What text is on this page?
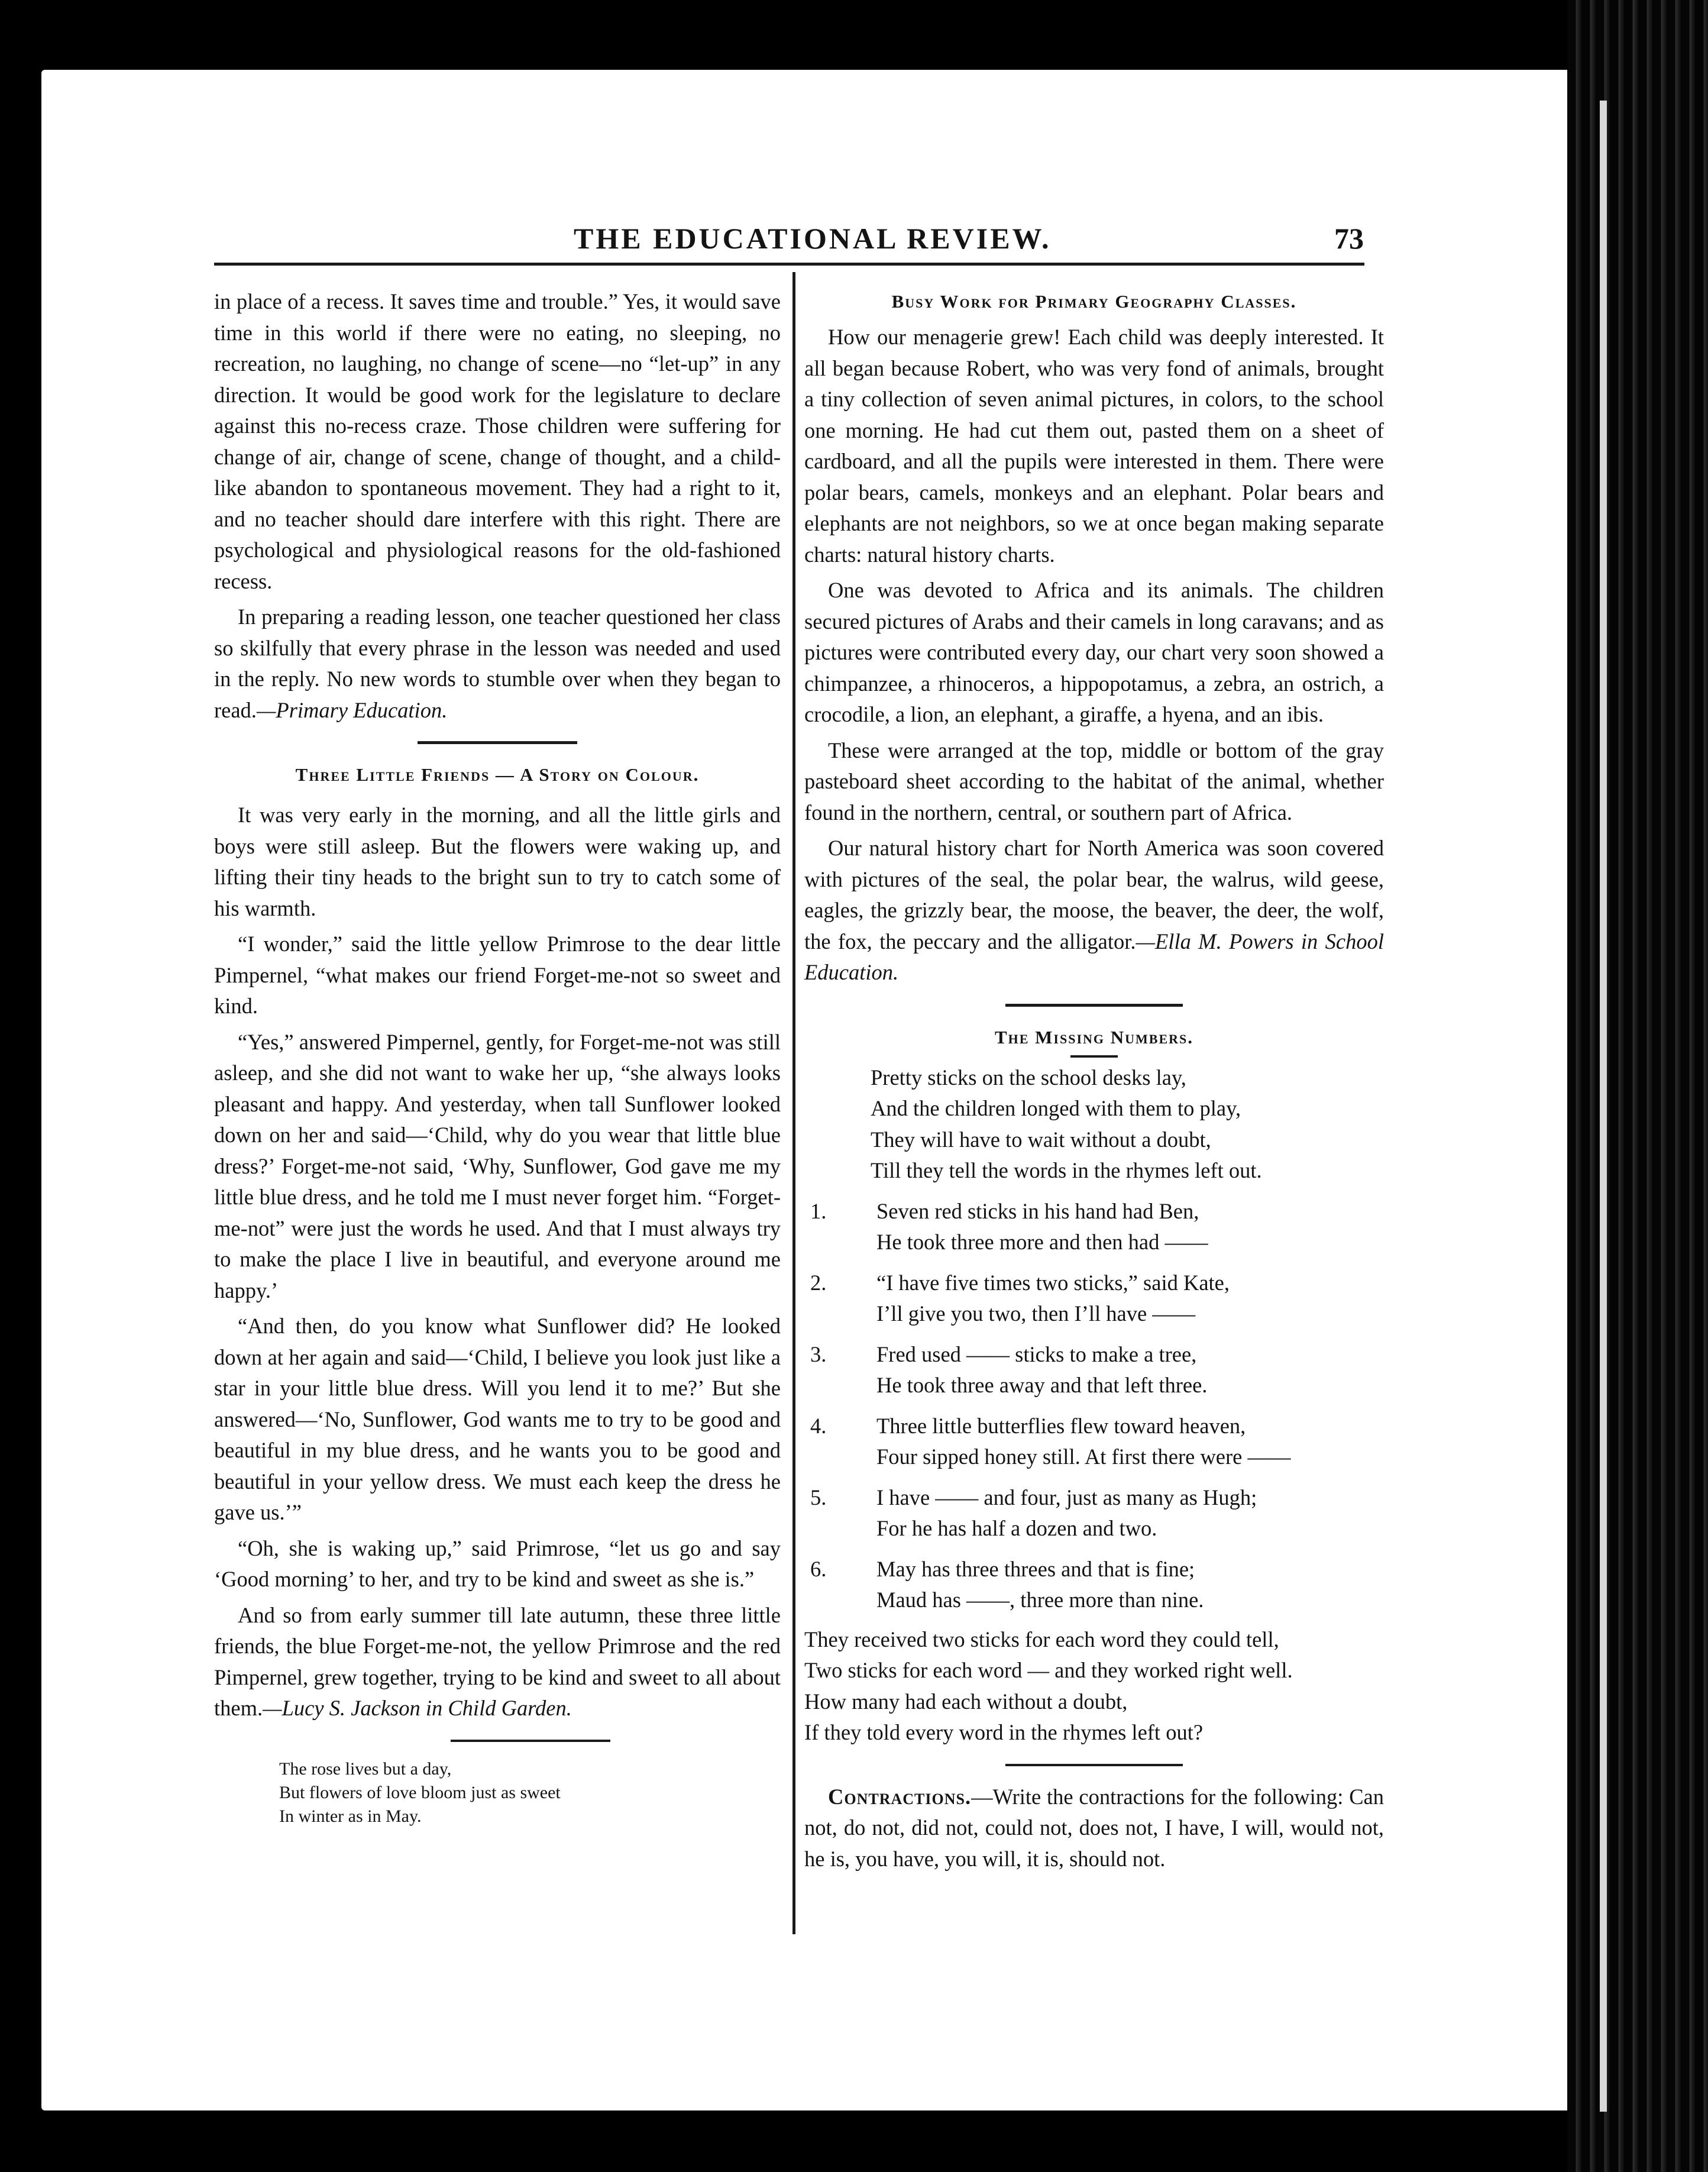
THE EDUCATIONAL REVIEW.	73

in place of a recess. It saves time and trouble.” Yes, it would save time in this world if there were no eating, no sleeping, no recreation, no laughing, no change of scene—no “let-up” in any direction. It would be good work for the legislature to declare against this no-recess craze. Those children were suffering for change of air, change of scene, change of thought, and a child-like abandon to spontaneous movement. They had a right to it, and no teacher should dare interfere with this right. There are psychological and physiological reasons for the old-fashioned recess.

In preparing a reading lesson, one teacher questioned her class so skilfully that every phrase in the lesson was needed and used in the reply. No new words to stumble over when they began to read.—Primary Education.

Three Little Friends — A Story on Colour.

It was very early in the morning, and all the little girls and boys were still asleep. But the flowers were waking up, and lifting their tiny heads to the bright sun to try to catch some of his warmth.

“I wonder,” said the little yellow Primrose to the dear little Pimpernel, “what makes our friend Forget-me-not so sweet and kind.

“Yes,” answered Pimpernel, gently, for Forget-me-not was still asleep, and she did not want to wake her up, “she always looks pleasant and happy. And yesterday, when tall Sunflower looked down on her and said—‘Child, why do you wear that little blue dress?’ Forget-me-not said, ‘Why, Sunflower, God gave me my little blue dress, and he told me I must never forget him. “Forget-me-not” were just the words he used. And that I must always try to make the place I live in beautiful, and everyone around me happy.’

“And then, do you know what Sunflower did? He looked down at her again and said—‘Child, I believe you look just like a star in your little blue dress. Will you lend it to me?’ But she answered—‘No, Sunflower, God wants me to try to be good and beautiful in my blue dress, and he wants you to be good and beautiful in your yellow dress. We must each keep the dress he gave us.’”

“Oh, she is waking up,” said Primrose, “let us go and say ‘Good morning’ to her, and try to be kind and sweet as she is.”

And so from early summer till late autumn, these three little friends, the blue Forget-me-not, the yellow Primrose and the red Pimpernel, grew together, trying to be kind and sweet to all about them.—Lucy S. Jackson in Child Garden.

The rose lives but a day,
But flowers of love bloom just as sweet
In winter as in May.
Busy Work for Primary Geography Classes.

How our menagerie grew! Each child was deeply interested. It all began because Robert, who was very fond of animals, brought a tiny collection of seven animal pictures, in colors, to the school one morning. He had cut them out, pasted them on a sheet of cardboard, and all the pupils were interested in them. There were polar bears, camels, monkeys and an elephant. Polar bears and elephants are not neighbors, so we at once began making separate charts: natural history charts.

One was devoted to Africa and its animals. The children secured pictures of Arabs and their camels in long caravans; and as pictures were contributed every day, our chart very soon showed a chimpanzee, a rhinoceros, a hippopotamus, a zebra, an ostrich, a crocodile, a lion, an elephant, a giraffe, a hyena, and an ibis.

These were arranged at the top, middle or bottom of the gray pasteboard sheet according to the habitat of the animal, whether found in the northern, central, or southern part of Africa.

Our natural history chart for North America was soon covered with pictures of the seal, the polar bear, the walrus, wild geese, eagles, the grizzly bear, the moose, the beaver, the deer, the wolf, the fox, the peccary and the alligator.—Ella M. Powers in School Education.

The Missing Numbers.
Pretty sticks on the school desks lay,
And the children longed with them to play,
They will have to wait without a doubt,
Till they tell the words in the rhymes left out.
1.	Seven red sticks in his hand had Ben,
He took three more and then had ——
2.	“I have five times two sticks,” said Kate,
I’ll give you two, then I’ll have ——
3.	Fred used —— sticks to make a tree,
He took three away and that left three.
4.	Three little butterflies flew toward heaven,
Four sipped honey still. At first there were ——
5.	I have —— and four, just as many as Hugh;
For he has half a dozen and two.
6.	May has three threes and that is fine;
Maud has ——, three more than nine.
They received two sticks for each word they could tell,
Two sticks for each word — and they worked right well.
How many had each without a doubt,
If they told every word in the rhymes left out?

Contractions.—Write the contractions for the following: Can not, do not, did not, could not, does not, I have, I will, would not, he is, you have, you will, it is, should not.
